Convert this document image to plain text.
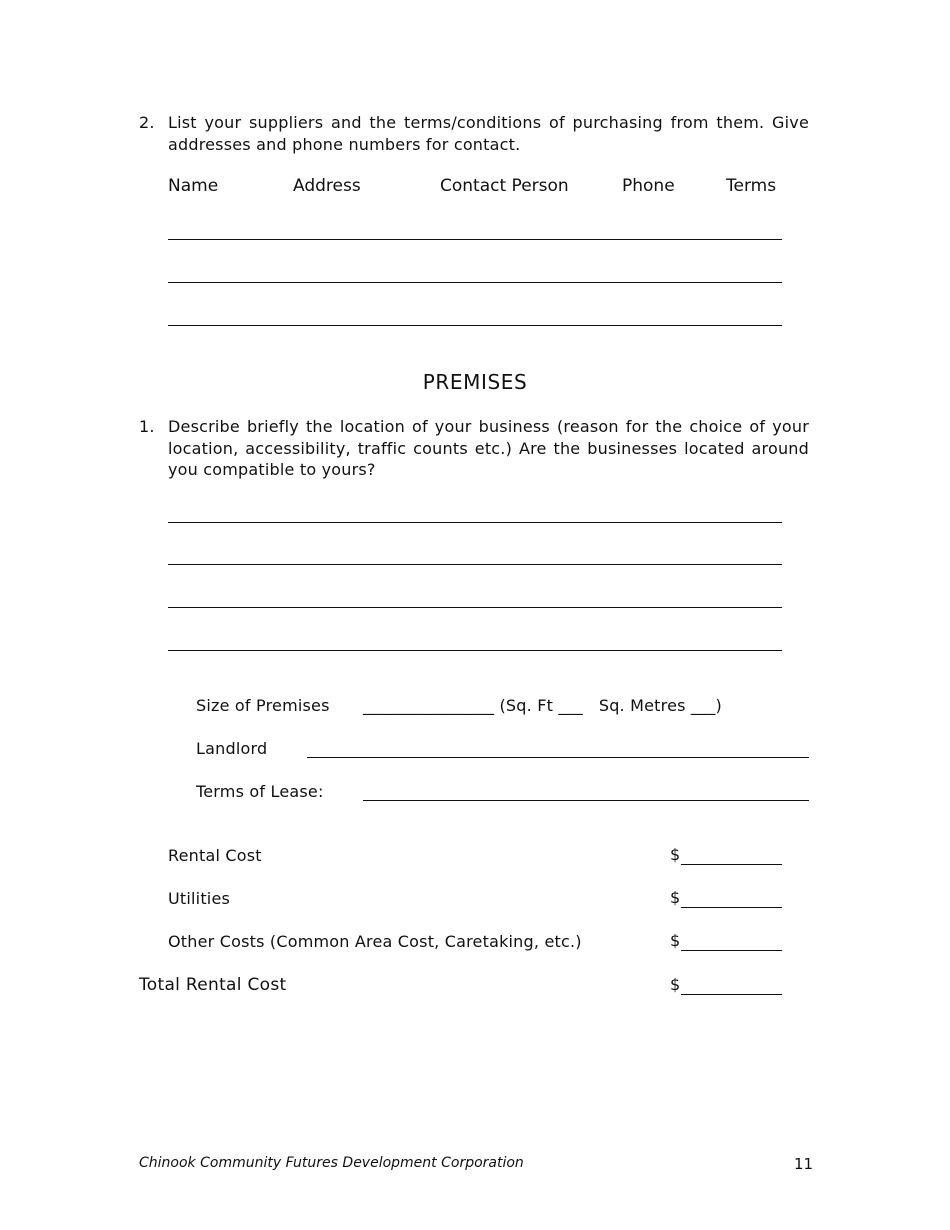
2. List your suppliers and the terms/conditions of purchasing from them. Give addresses and phone numbers for contact.
Name	Address	Contact Person	Phone	Terms
PREMISES
1. Describe briefly the location of your business (reason for the choice of your location, accessibility, traffic counts etc.) Are the businesses located around you compatible to yours?
Size of Premises ________________ (Sq. Ft ___   Sq. Metres ___)
Landlord
Terms of Lease:
Rental Cost	$
Utilities	$
Other Costs (Common Area Cost, Caretaking, etc.)	$
Total Rental Cost	$
Chinook Community Futures Development Corporation	11
